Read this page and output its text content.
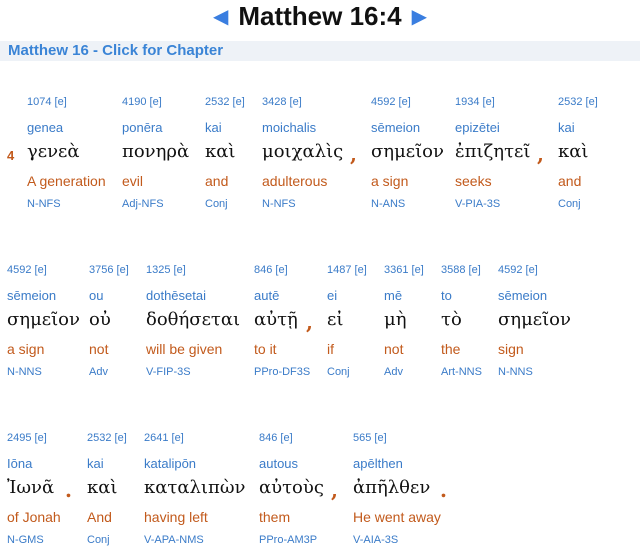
◀ Matthew 16:4 ▶
Matthew 16 - Click for Chapter
4
1074 [e]
genea
γενεὰ
A generation
N-NFS
4190 [e]
ponēra
πονηρὰ
evil
Adj-NFS
2532 [e]
kai
καὶ
and
Conj
3428 [e]
moichalis
μοιχαλὶς
adulterous
N-NFS
,
4592 [e]
sēmeion
σημεῖον
a sign
N-ANS
1934 [e]
epizētei
ἐπιζητεῖ
seeks
V-PIA-3S
,
2532 [e]
kai
καὶ
and
Conj
4592 [e]
sēmeion
σημεῖον
a sign
N-NNS
3756 [e]
ou
οὐ
not
Adv
1325 [e]
dothēsetai
δοθήσεται
will be given
V-FIP-3S
846 [e]
autē
αὐτῇ
to it
PPro-DF3S
,
1487 [e]
ei
εἰ
if
Conj
3361 [e]
mē
μὴ
not
Adv
3588 [e]
to
τὸ
the
Art-NNS
4592 [e]
sēmeion
σημεῖον
sign
N-NNS
2495 [e]
Iōna
Ἰωνᾶ
of Jonah
N-GMS
.
2532 [e]
kai
καὶ
And
Conj
2641 [e]
katalipōn
καταλιπὼν
having left
V-APA-NMS
846 [e]
autous
αὐτοὺς
them
PPro-AM3P
,
565 [e]
apēlthen
ἀπῆλθεν
He went away
V-AIA-3S
.
